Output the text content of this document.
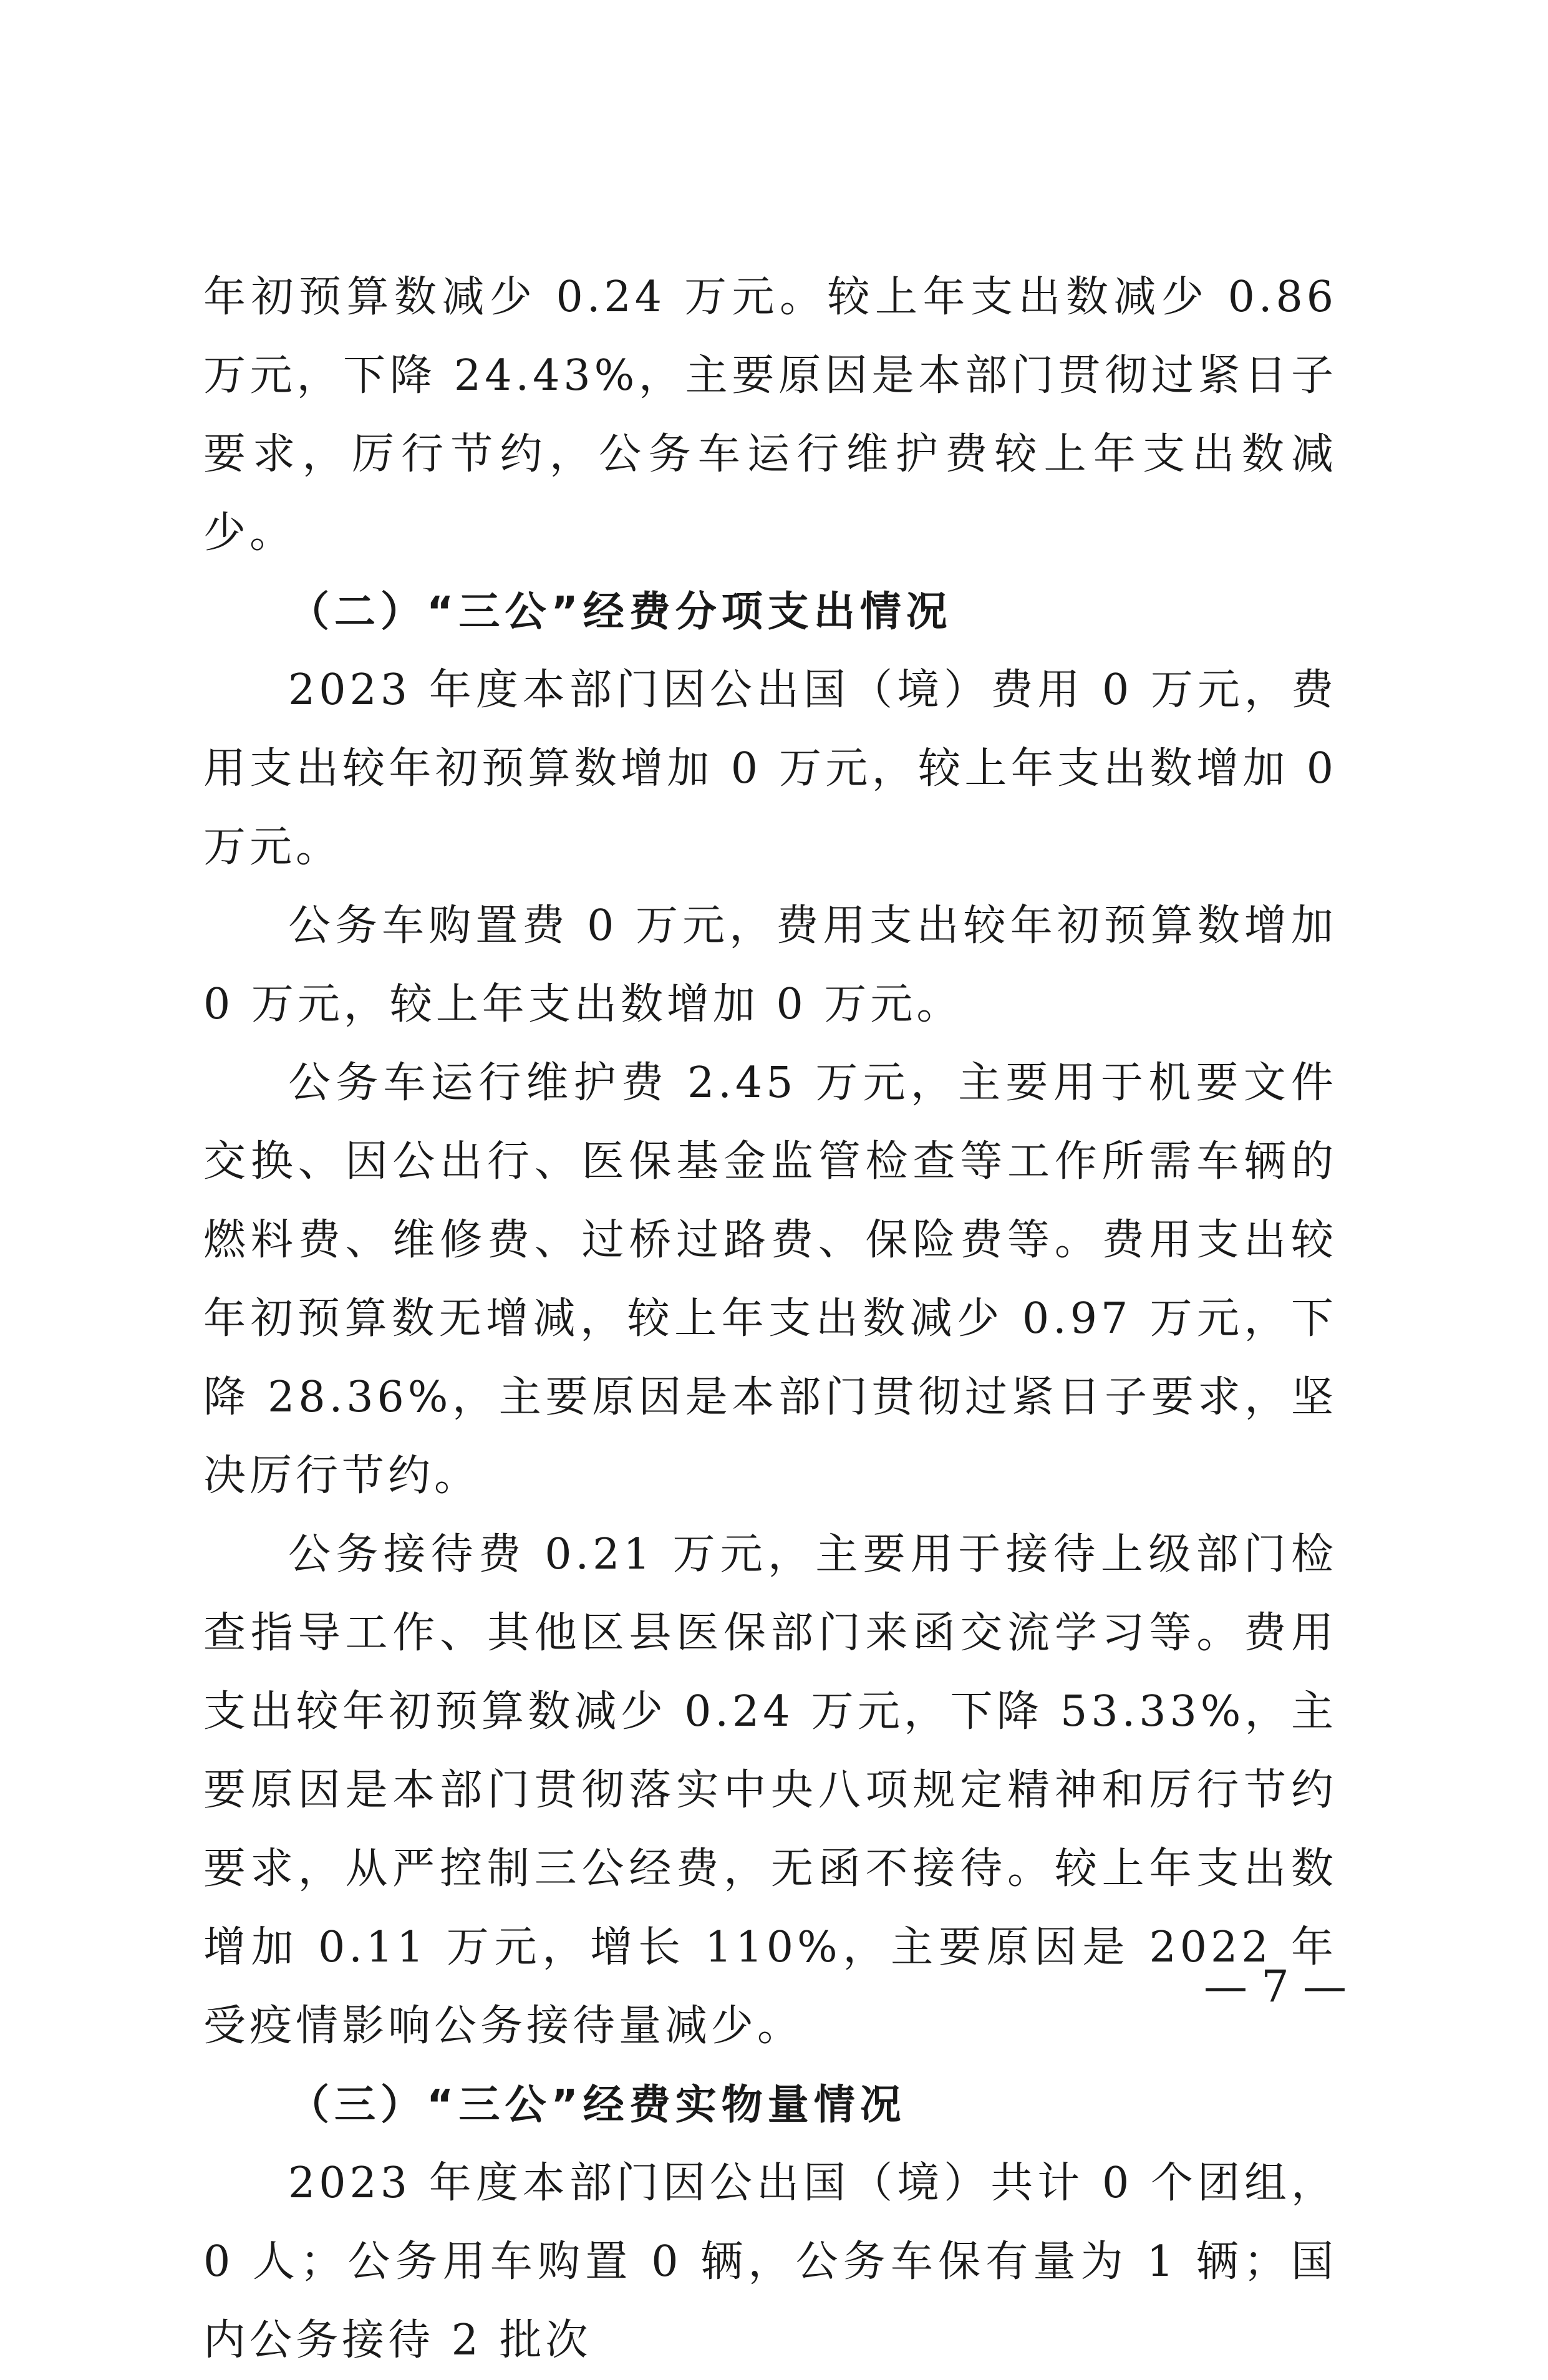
年初预算数减少 0.24 万元。较上年支出数减少 0.86 万元，下降 24.43%，主要原因是本部门贯彻过紧日子要求，厉行节约，公务车运行维护费较上年支出数减少。

（二）“三公”经费分项支出情况

2023 年度本部门因公出国（境）费用 0 万元，费用支出较年初预算数增加 0 万元，较上年支出数增加 0 万元。

公务车购置费 0 万元，费用支出较年初预算数增加 0 万元，较上年支出数增加 0 万元。

公务车运行维护费 2.45 万元，主要用于机要文件交换、因公出行、医保基金监管检查等工作所需车辆的燃料费、维修费、过桥过路费、保险费等。费用支出较年初预算数无增减，较上年支出数减少 0.97 万元，下降 28.36%，主要原因是本部门贯彻过紧日子要求，坚决厉行节约。

公务接待费 0.21 万元，主要用于接待上级部门检查指导工作、其他区县医保部门来函交流学习等。费用支出较年初预算数减少 0.24 万元，下降 53.33%，主要原因是本部门贯彻落实中央八项规定精神和厉行节约要求，从严控制三公经费，无函不接待。较上年支出数增加 0.11 万元，增长 110%，主要原因是 2022 年受疫情影响公务接待量减少。

（三）“三公”经费实物量情况

2023 年度本部门因公出国（境）共计 0 个团组，0 人；公务用车购置 0 辆，公务车保有量为 1 辆；国内公务接待 2 批次

— 7 —
